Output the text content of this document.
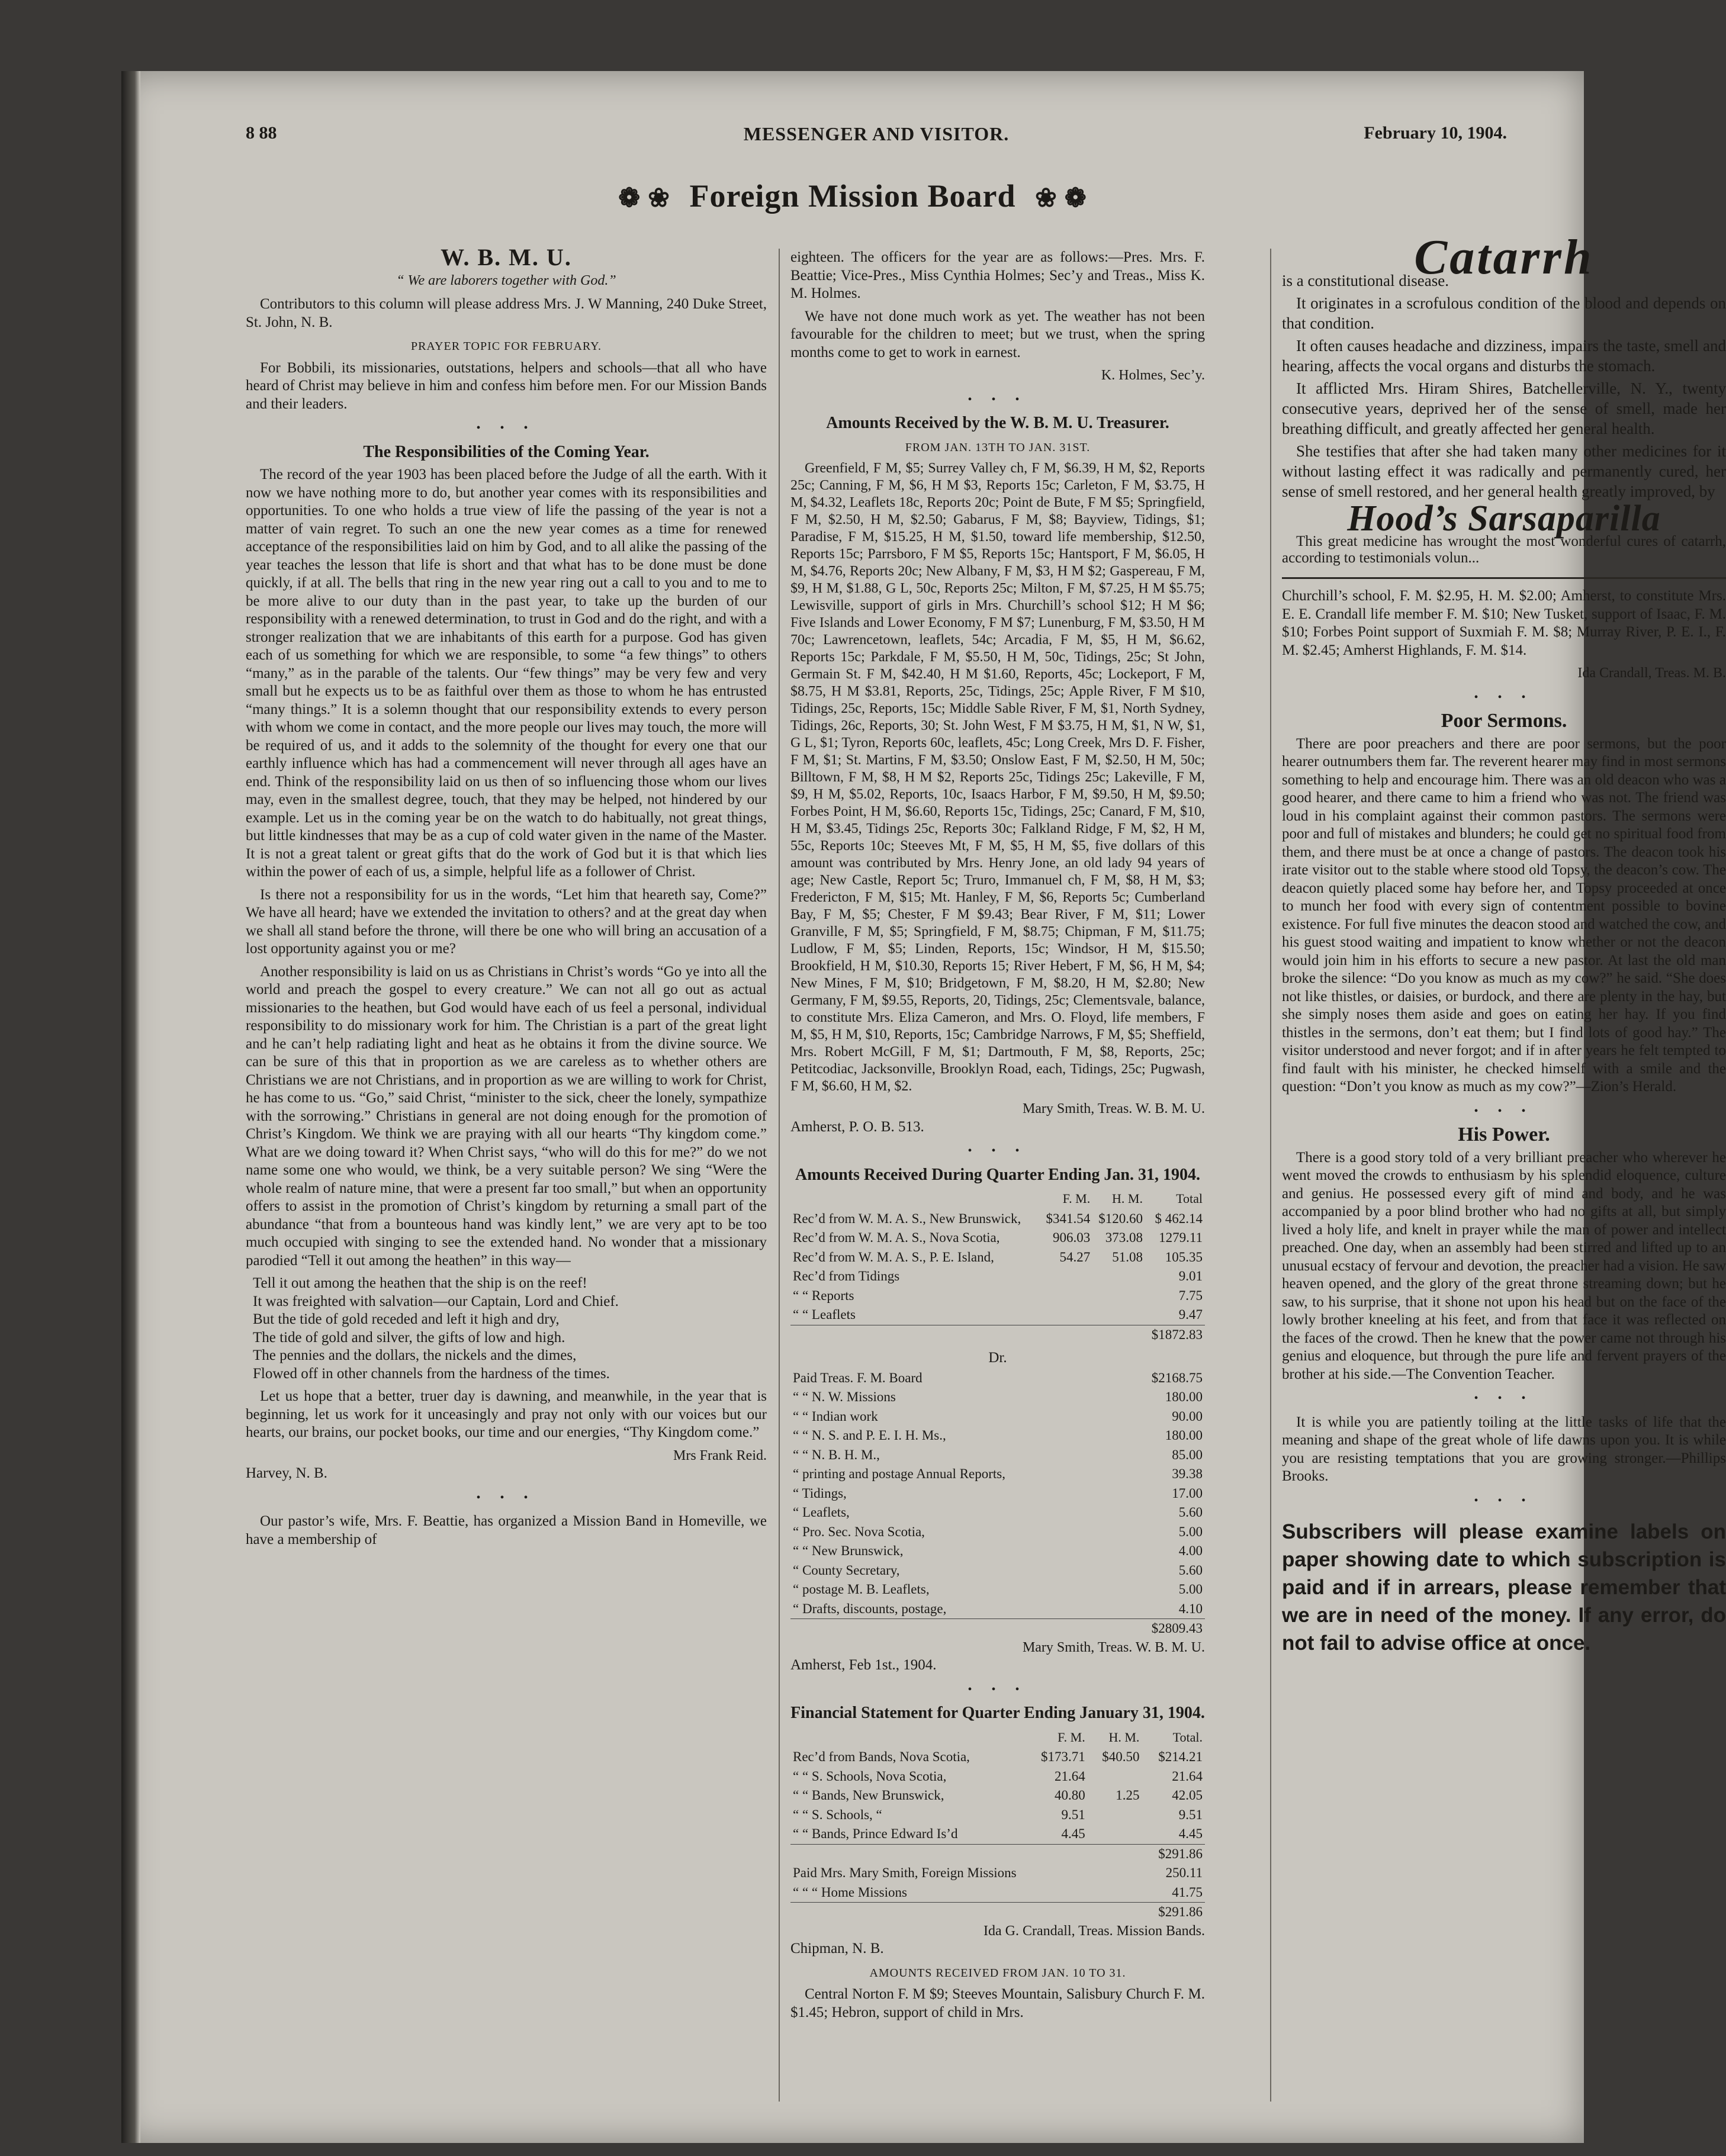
8 88	MESSENGER AND VISITOR.	February 10, 1904.
❁ ❀ Foreign Mission Board ❀ ❁
W. B. M. U.
“ We are laborers together with God.”

Contributors to this column will please address Mrs. J. W Manning, 240 Duke Street, St. John, N. B.

PRAYER TOPIC FOR FEBRUARY.

For Bobbili, its missionaries, outstations, helpers and schools—that all who have heard of Christ may believe in him and confess him before men. For our Mission Bands and their leaders.

• • •
The Responsibilities of the Coming Year.

The record of the year 1903 has been placed before the Judge of all the earth. With it now we have nothing more to do, but another year comes with its responsibilities and opportunities. To one who holds a true view of life the passing of the year is not a matter of vain regret. To such an one the new year comes as a time for renewed acceptance of the responsibilities laid on him by God, and to all alike the passing of the year teaches the lesson that life is short and that what has to be done must be done quickly, if at all. The bells that ring in the new year ring out a call to you and to me to be more alive to our duty than in the past year, to take up the burden of our responsibility with a renewed determination, to trust in God and do the right, and with a stronger realization that we are inhabitants of this earth for a purpose. God has given each of us something for which we are responsible, to some “a few things” to others “many,” as in the parable of the talents. Our “few things” may be very few and very small but he expects us to be as faithful over them as those to whom he has entrusted “many things.” It is a solemn thought that our responsibility extends to every person with whom we come in contact, and the more people our lives may touch, the more will be required of us, and it adds to the solemnity of the thought for every one that our earthly influence which has had a commencement will never through all ages have an end. Think of the responsibility laid on us then of so influencing those whom our lives may, even in the smallest degree, touch, that they may be helped, not hindered by our example. Let us in the coming year be on the watch to do habitually, not great things, but little kindnesses that may be as a cup of cold water given in the name of the Master. It is not a great talent or great gifts that do the work of God but it is that which lies within the power of each of us, a simple, helpful life as a follower of Christ.

Is there not a responsibility for us in the words, “Let him that heareth say, Come?” We have all heard; have we extended the invitation to others? and at the great day when we shall all stand before the throne, will there be one who will bring an accusation of a lost opportunity against you or me?

Another responsibility is laid on us as Christians in Christ’s words “Go ye into all the world and preach the gospel to every creature.” We can not all go out as actual missionaries to the heathen, but God would have each of us feel a personal, individual responsibility to do missionary work for him. The Christian is a part of the great light and he can’t help radiating light and heat as he obtains it from the divine source. We can be sure of this that in proportion as we are careless as to whether others are Christians we are not Christians, and in proportion as we are willing to work for Christ, he has come to us. “Go,” said Christ, “minister to the sick, cheer the lonely, sympathize with the sorrowing.” Christians in general are not doing enough for the promotion of Christ’s Kingdom. We think we are praying with all our hearts “Thy kingdom come.” What are we doing toward it? When Christ says, “who will do this for me?” do we not name some one who would, we think, be a very suitable person? We sing “Were the whole realm of nature mine, that were a present far too small,” but when an opportunity offers to assist in the promotion of Christ’s kingdom by returning a small part of the abundance “that from a bounteous hand was kindly lent,” we are very apt to be too much occupied with singing to see the extended hand. No wonder that a missionary parodied “Tell it out among the heathen” in this way—

Tell it out among the heathen that the ship is on the reef!
It was freighted with salvation—our Captain, Lord and Chief.
But the tide of gold receded and left it high and dry,
The tide of gold and silver, the gifts of low and high.
The pennies and the dollars, the nickels and the dimes,
Flowed off in other channels from the hardness of the times.

Let us hope that a better, truer day is dawning, and meanwhile, in the year that is beginning, let us work for it unceasingly and pray not only with our voices but our hearts, our brains, our pocket books, our time and our energies, “Thy Kingdom come.”

Mrs Frank Reid.
Harvey, N. B.
• • •

Our pastor’s wife, Mrs. F. Beattie, has organized a Mission Band in Homeville, we have a membership of

eighteen. The officers for the year are as follows:—Pres. Mrs. F. Beattie; Vice-Pres., Miss Cynthia Holmes; Sec’y and Treas., Miss K. M. Holmes.

We have not done much work as yet. The weather has not been favourable for the children to meet; but we trust, when the spring months come to get to work in earnest.

K. Holmes, Sec’y.
• • •
Amounts Received by the W. B. M. U. Treasurer.
FROM JAN. 13TH TO JAN. 31ST.

Greenfield, F M, $5; Surrey Valley ch, F M, $6.39, H M, $2, Reports 25c; Canning, F M, $6, H M $3, Reports 15c; Carleton, F M, $3.75, H M, $4.32, Leaflets 18c, Reports 20c; Point de Bute, F M $5; Springfield, F M, $2.50, H M, $2.50; Gabarus, F M, $8; Bayview, Tidings, $1; Paradise, F M, $15.25, H M, $1.50, toward life membership, $12.50, Reports 15c; Parrsboro, F M $5, Reports 15c; Hantsport, F M, $6.05, H M, $4.76, Reports 20c; New Albany, F M, $3, H M $2; Gaspereau, F M, $9, H M, $1.88, G L, 50c, Reports 25c; Milton, F M, $7.25, H M $5.75; Lewisville, support of girls in Mrs. Churchill’s school $12; H M $6; Five Islands and Lower Economy, F M $7; Lunenburg, F M, $3.50, H M 70c; Lawrencetown, leaflets, 54c; Arcadia, F M, $5, H M, $6.62, Reports 15c; Parkdale, F M, $5.50, H M, 50c, Tidings, 25c; St John, Germain St. F M, $42.40, H M $1.60, Reports, 45c; Lockeport, F M, $8.75, H M $3.81, Reports, 25c, Tidings, 25c; Apple River, F M $10, Tidings, 25c, Reports, 15c; Middle Sable River, F M, $1, North Sydney, Tidings, 26c, Reports, 30; St. John West, F M $3.75, H M, $1, N W, $1, G L, $1; Tyron, Reports 60c, leaflets, 45c; Long Creek, Mrs D. F. Fisher, F M, $1; St. Martins, F M, $3.50; Onslow East, F M, $2.50, H M, 50c; Billtown, F M, $8, H M $2, Reports 25c, Tidings 25c; Lakeville, F M, $9, H M, $5.02, Reports, 10c, Isaacs Harbor, F M, $9.50, H M, $9.50; Forbes Point, H M, $6.60, Reports 15c, Tidings, 25c; Canard, F M, $10, H M, $3.45, Tidings 25c, Reports 30c; Falkland Ridge, F M, $2, H M, 55c, Reports 10c; Steeves Mt, F M, $5, H M, $5, five dollars of this amount was contributed by Mrs. Henry Jone, an old lady 94 years of age; New Castle, Report 5c; Truro, Immanuel ch, F M, $8, H M, $3; Fredericton, F M, $15; Mt. Hanley, F M, $6, Reports 5c; Cumberland Bay, F M, $5; Chester, F M $9.43; Bear River, F M, $11; Lower Granville, F M, $5; Springfield, F M, $8.75; Chipman, F M, $11.75; Ludlow, F M, $5; Linden, Reports, 15c; Windsor, H M, $15.50; Brookfield, H M, $10.30, Reports 15; River Hebert, F M, $6, H M, $4; New Mines, F M, $10; Bridgetown, F M, $8.20, H M, $2.80; New Germany, F M, $9.55, Reports, 20, Tidings, 25c; Clementsvale, balance, to constitute Mrs. Eliza Cameron, and Mrs. O. Floyd, life members, F M, $5, H M, $10, Reports, 15c; Cambridge Narrows, F M, $5; Sheffield, Mrs. Robert McGill, F M, $1; Dartmouth, F M, $8, Reports, 25c; Petitcodiac, Jacksonville, Brooklyn Road, each, Tidings, 25c; Pugwash, F M, $6.60, H M, $2.

Mary Smith, Treas. W. B. M. U.
Amherst, P. O. B. 513.
• • •
Amounts Received During Quarter Ending Jan. 31, 1904.
	F. M.	H. M.	Total
Rec’d from W. M. A. S., New Brunswick,	$341.54	$120.60	$ 462.14
Rec’d from W. M. A. S., Nova Scotia,	906.03	373.08	1279.11
Rec’d from W. M. A. S., P. E. Island,	54.27	51.08	105.35
Rec’d from Tidings			9.01
“ “ Reports			7.75
“ “ Leaflets			9.47
			$1872.83
Dr.
Paid Treas. F. M. Board	$2168.75
“ “ N. W. Missions	180.00
“ “ Indian work	90.00
“ “ N. S. and P. E. I. H. Ms.,	180.00
“ “ N. B. H. M.,	85.00
“ printing and postage Annual Reports,	39.38
“ Tidings,	17.00
“ Leaflets,	5.60
“ Pro. Sec. Nova Scotia,	5.00
“ “ New Brunswick,	4.00
“ County Secretary,	5.60
“ postage M. B. Leaflets,	5.00
“ Drafts, discounts, postage,	4.10
	$2809.43
Mary Smith, Treas. W. B. M. U.
Amherst, Feb 1st., 1904.
• • •
Financial Statement for Quarter Ending January 31, 1904.
	F. M.	H. M.	Total.
Rec’d from Bands, Nova Scotia,	$173.71	$40.50	$214.21
“ “ S. Schools, Nova Scotia,	21.64		21.64
“ “ Bands, New Brunswick,	40.80	1.25	42.05
“ “ S. Schools, “	9.51		9.51
“ “ Bands, Prince Edward Is’d	4.45		4.45
			$291.86
Paid Mrs. Mary Smith, Foreign Missions			250.11
“ “ “ Home Missions			41.75
			$291.86
Ida G. Crandall, Treas. Mission Bands.
Chipman, N. B.
AMOUNTS RECEIVED FROM JAN. 10 TO 31.

Central Norton F. M $9; Steeves Mountain, Salisbury Church F. M. $1.45; Hebron, support of child in Mrs.

Catarrh

is a constitutional disease.

It originates in a scrofulous condition of the blood and depends on that condition.

It often causes headache and dizziness, impairs the taste, smell and hearing, affects the vocal organs and disturbs the stomach.

It afflicted Mrs. Hiram Shires, Batchellerville, N. Y., twenty consecutive years, deprived her of the sense of smell, made her breathing difficult, and greatly affected her general health.

She testifies that after she had taken many other medicines for it without lasting effect it was radically and permanently cured, her sense of smell restored, and her general health greatly improved, by

Hood’s Sarsaparilla

This great medicine has wrought the most wonderful cures of catarrh, according to testimonials volun...

Churchill’s school, F. M. $2.95, H. M. $2.00; Amherst, to constitute Mrs. E. E. Crandall life member F. M. $10; New Tusket, support of Isaac, F. M. $10; Forbes Point support of Suxmiah F. M. $8; Murray River, P. E. I., F. M. $2.45; Amherst Highlands, F. M. $14.

Ida Crandall, Treas. M. B.
• • •
Poor Sermons.

There are poor preachers and there are poor sermons, but the poor hearer outnumbers them far. The reverent hearer may find in most sermons something to help and encourage him. There was an old deacon who was a good hearer, and there came to him a friend who was not. The friend was loud in his complaint against their common pastors. The sermons were poor and full of mistakes and blunders; he could get no spiritual food from them, and there must be at once a change of pastors. The deacon took his irate visitor out to the stable where stood old Topsy, the deacon’s cow. The deacon quietly placed some hay before her, and Topsy proceeded at once to munch her food with every sign of contentment possible to bovine existence. For full five minutes the deacon stood and watched the cow, and his guest stood waiting and impatient to know whether or not the deacon would join him in his efforts to secure a new pastor. At last the old man broke the silence: “Do you know as much as my cow?” he said. “She does not like thistles, or daisies, or burdock, and there are plenty in the hay, but she simply noses them aside and goes on eating her hay. If you find thistles in the sermons, don’t eat them; but I find lots of good hay.” The visitor understood and never forgot; and if in after years he felt tempted to find fault with his minister, he checked himself with a smile and the question: “Don’t you know as much as my cow?”—Zion’s Herald.

• • •
His Power.

There is a good story told of a very brilliant preacher who wherever he went moved the crowds to enthusiasm by his splendid eloquence, culture and genius. He possessed every gift of mind and body, and he was accompanied by a poor blind brother who had no gifts at all, but simply lived a holy life, and knelt in prayer while the man of power and intellect preached. One day, when an assembly had been stirred and lifted up to an unusual ecstacy of fervour and devotion, the preacher had a vision. He saw heaven opened, and the glory of the great throne streaming down; but he saw, to his surprise, that it shone not upon his head but on the face of the lowly brother kneeling at his feet, and from that face it was reflected on the faces of the crowd. Then he knew that the power came not through his genius and eloquence, but through the pure life and fervent prayers of the brother at his side.—The Convention Teacher.

• • •

It is while you are patiently toiling at the little tasks of life that the meaning and shape of the great whole of life dawns upon you. It is while you are resisting temptations that you are growing stronger.—Phillips Brooks.

• • •
Subscribers will please examine labels on paper showing date to which subscription is paid and if in arrears, please remember that we are in need of the money. If any error, do not fail to advise office at once.
